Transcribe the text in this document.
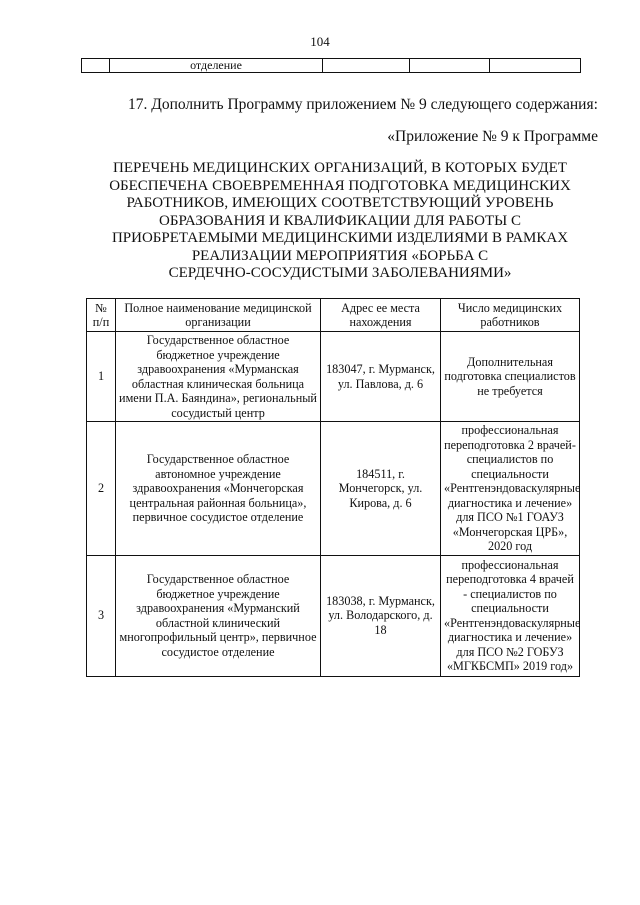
104
	отделение			
17. Дополнить Программу приложением № 9 следующего содержания:
«Приложение № 9 к Программе
ПЕРЕЧЕНЬ МЕДИЦИНСКИХ ОРГАНИЗАЦИЙ, В КОТОРЫХ БУДЕТ
ОБЕСПЕЧЕНА СВОЕВРЕМЕННАЯ ПОДГОТОВКА МЕДИЦИНСКИХ
РАБОТНИКОВ, ИМЕЮЩИХ СООТВЕТСТВУЮЩИЙ УРОВЕНЬ
ОБРАЗОВАНИЯ И КВАЛИФИКАЦИИ ДЛЯ РАБОТЫ С
ПРИОБРЕТАЕМЫМИ МЕДИЦИНСКИМИ ИЗДЕЛИЯМИ В РАМКАХ
РЕАЛИЗАЦИИ МЕРОПРИЯТИЯ «БОРЬБА С
СЕРДЕЧНО-СОСУДИСТЫМИ ЗАБОЛЕВАНИЯМИ»
№ п/п	Полное наименование медицинской организации	Адрес ее места нахождения	Число медицинских работников
1	Государственное областное бюджетное учреждение здравоохранения «Мурманская областная клиническая больница имени П.А. Баяндина», региональный сосудистый центр	183047, г. Мурманск, ул. Павлова, д. 6	Дополнительная подготовка специалистов не требуется
2	Государственное областное автономное учреждение здравоохранения «Мончегорская центральная районная больница», первичное сосудистое отделение	184511, г. Мончегорск, ул. Кирова, д. 6	профессиональная переподготовка 2 врачей-специалистов по специальности «Рентгенэндоваскулярные диагностика и лечение» для ПСО №1 ГОАУЗ «Мончегорская ЦРБ», 2020 год
3	Государственное областное бюджетное учреждение здравоохранения «Мурманский областной клинический многопрофильный центр», первичное сосудистое отделение	183038, г. Мурманск, ул. Володарского, д. 18	профессиональная переподготовка 4 врачей - специалистов по специальности «Рентгенэндоваскулярные диагностика и лечение» для ПСО №2 ГОБУЗ «МГКБСМП» 2019 год»
